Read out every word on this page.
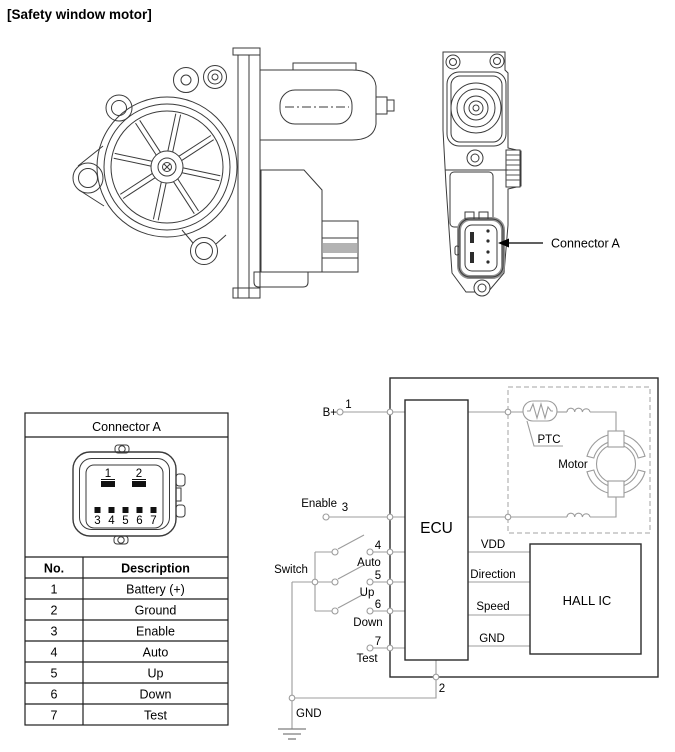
[Safety window motor]
Connector A
Connector A
1 2
3 4 5 6 7
No.	Description
1	Battery (+)
2	Ground
3	Enable
4	Auto
5	Up
6	Down
7	Test
PTC
Motor
ECU
HALL IC
VDD
Direction
Speed
GND
B+
1
Enable 3
Switch
4
Auto
5
Up
6
Down
7
Test
2
GND
